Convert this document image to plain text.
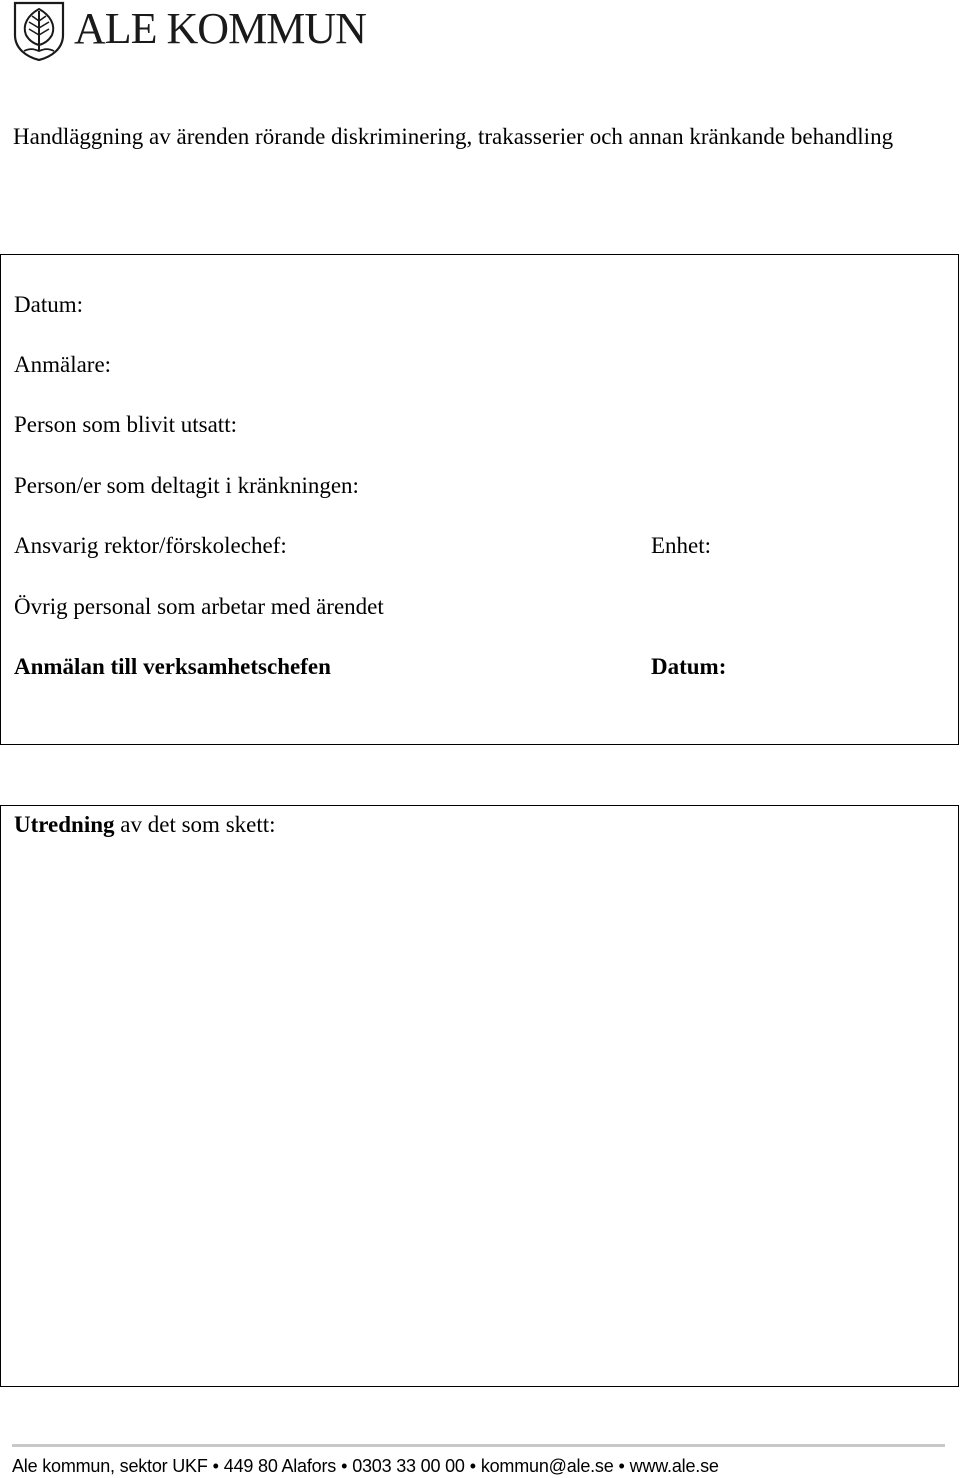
ALE KOMMUN
Handläggning av ärenden rörande diskriminering, trakasserier och annan kränkande behandling
Datum:
Anmälare:
Person som blivit utsatt:
Person/er som deltagit i kränkningen:
Ansvarig rektor/förskolechef:	Enhet:
Övrig personal som arbetar med ärendet
Anmälan till verksamhetschefen	Datum:
Utredning av det som skett:
Ale kommun, sektor UKF • 449 80 Alafors • 0303 33 00 00 • kommun@ale.se • www.ale.se
